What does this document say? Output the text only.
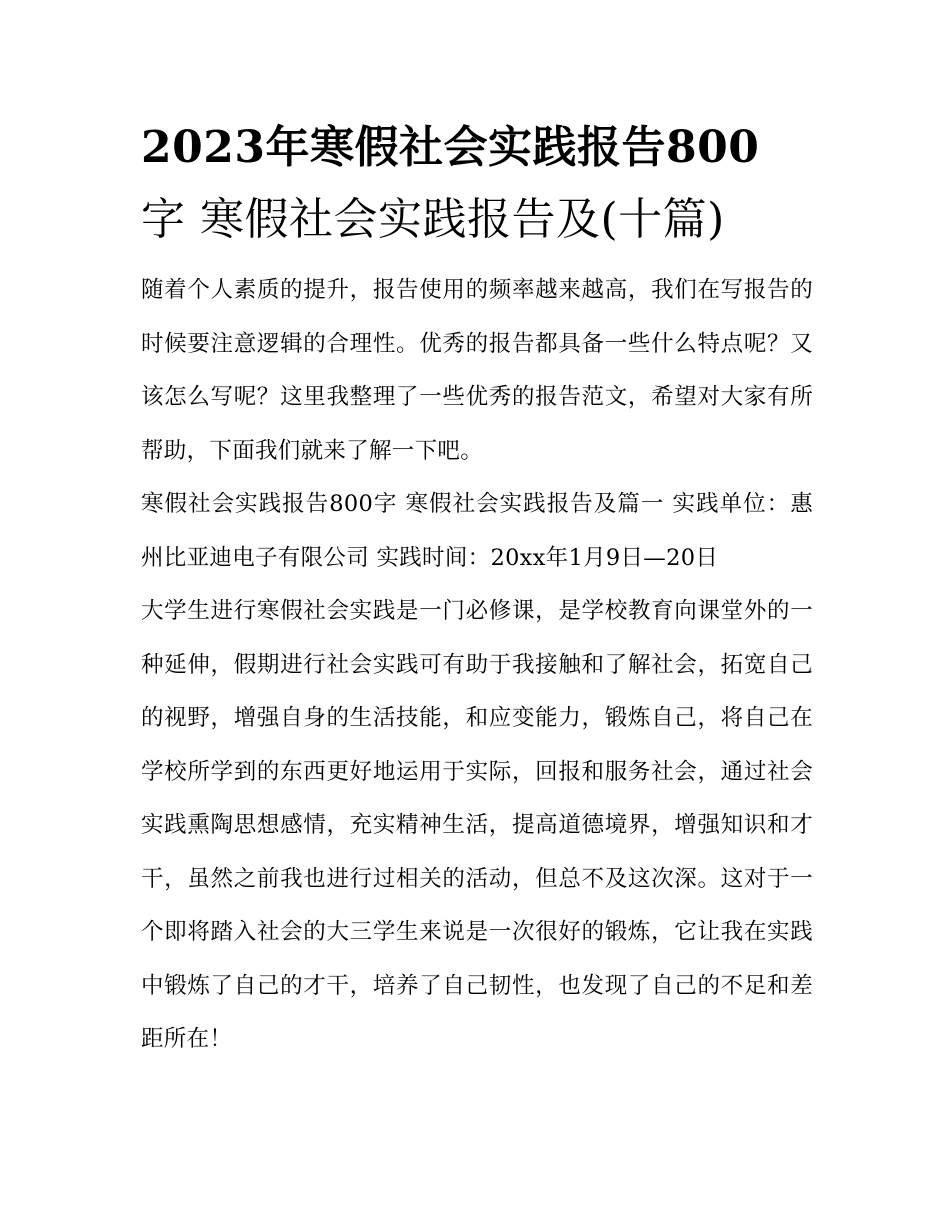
2023年寒假社会实践报告800
字 寒假社会实践报告及(十篇)

随着个人素质的提升，报告使用的频率越来越高，我们在写报告的时候要注意逻辑的合理性。优秀的报告都具备一些什么特点呢？又该怎么写呢？这里我整理了一些优秀的报告范文，希望对大家有所帮助，下面我们就来了解一下吧。

寒假社会实践报告800字 寒假社会实践报告及篇一 实践单位：惠州比亚迪电子有限公司 实践时间：20xx年1月9日—20日

大学生进行寒假社会实践是一门必修课，是学校教育向课堂外的一种延伸，假期进行社会实践可有助于我接触和了解社会，拓宽自己的视野，增强自身的生活技能，和应变能力，锻炼自己，将自己在学校所学到的东西更好地运用于实际，回报和服务社会，通过社会实践熏陶思想感情，充实精神生活，提高道德境界，增强知识和才干，虽然之前我也进行过相关的活动，但总不及这次深。这对于一个即将踏入社会的大三学生来说是一次很好的锻炼，它让我在实践中锻炼了自己的才干，培养了自己韧性，也发现了自己的不足和差距所在！
